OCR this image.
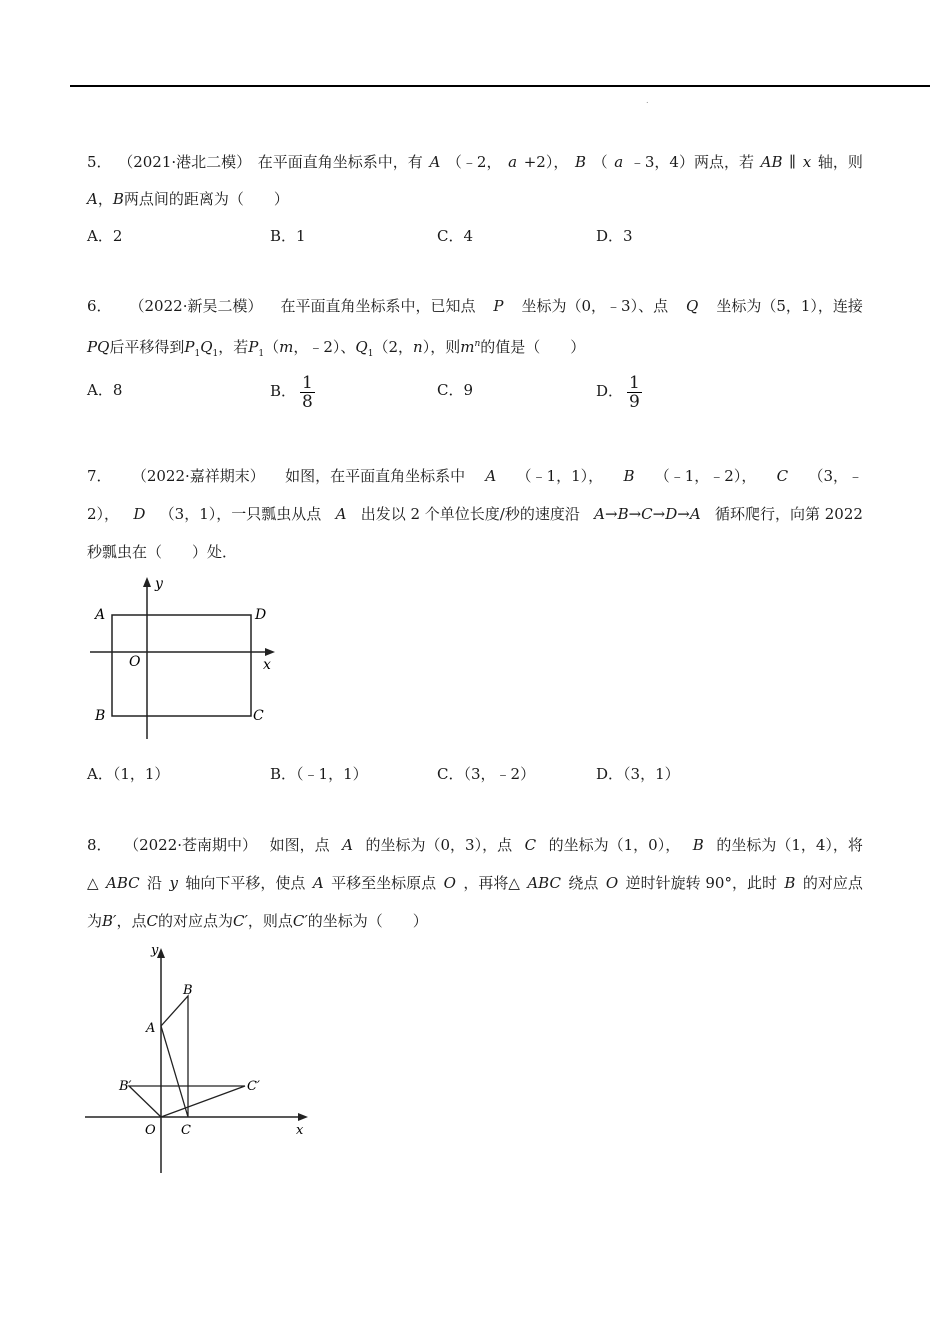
.
5． （2021·港北二模） 在平面直角坐标系中，有 A （﹣2， a +2）， B （ a ﹣3，4）两点，若 AB ∥ x 轴，则
A，B两点间的距离为（　　）
A．2	B．1	C．4	D．3
6． （2022·新吴二模） 在平面直角坐标系中，已知点 P 坐标为（0，﹣3）、点 Q 坐标为（5，1），连接
PQ后平移得到$P_1Q_1$，若$P_1(m$，﹣2）、$Q_1(2$，n），则$m^n$的值是（　　）
A．8	B． $\frac{1}{8}$	C．9	D． $\frac{1}{9}$
7． （2022·嘉祥期末） 如图，在平面直角坐标系中 A （﹣1，1）， B （﹣1，﹣2）， C （3，﹣
2）， D （3，1），一只瓢虫从点 A 出发以 2 个单位长度/秒的速度沿 A→B→C→D→A 循环爬行，向第 2022
秒瓢虫在（　　）处．
y
x
A	D
B	C
O
A．（1，1）	B．（﹣1，1）	C．（3，﹣2）	D．（3，1）
8． （2022·苍南期中） 如图，点 A 的坐标为（0，3），点 C 的坐标为（1，0）， B 的坐标为（1，4），将
△ ABC 沿 y 轴向下平移，使点 A 平移至坐标原点 O ，再将△ ABC 绕点 O 逆时针旋转 90°，此时 B 的对应点
为B′，点C的对应点为C′，则点C′的坐标为（　　）
y
x
B
A
B′	C′
O C
